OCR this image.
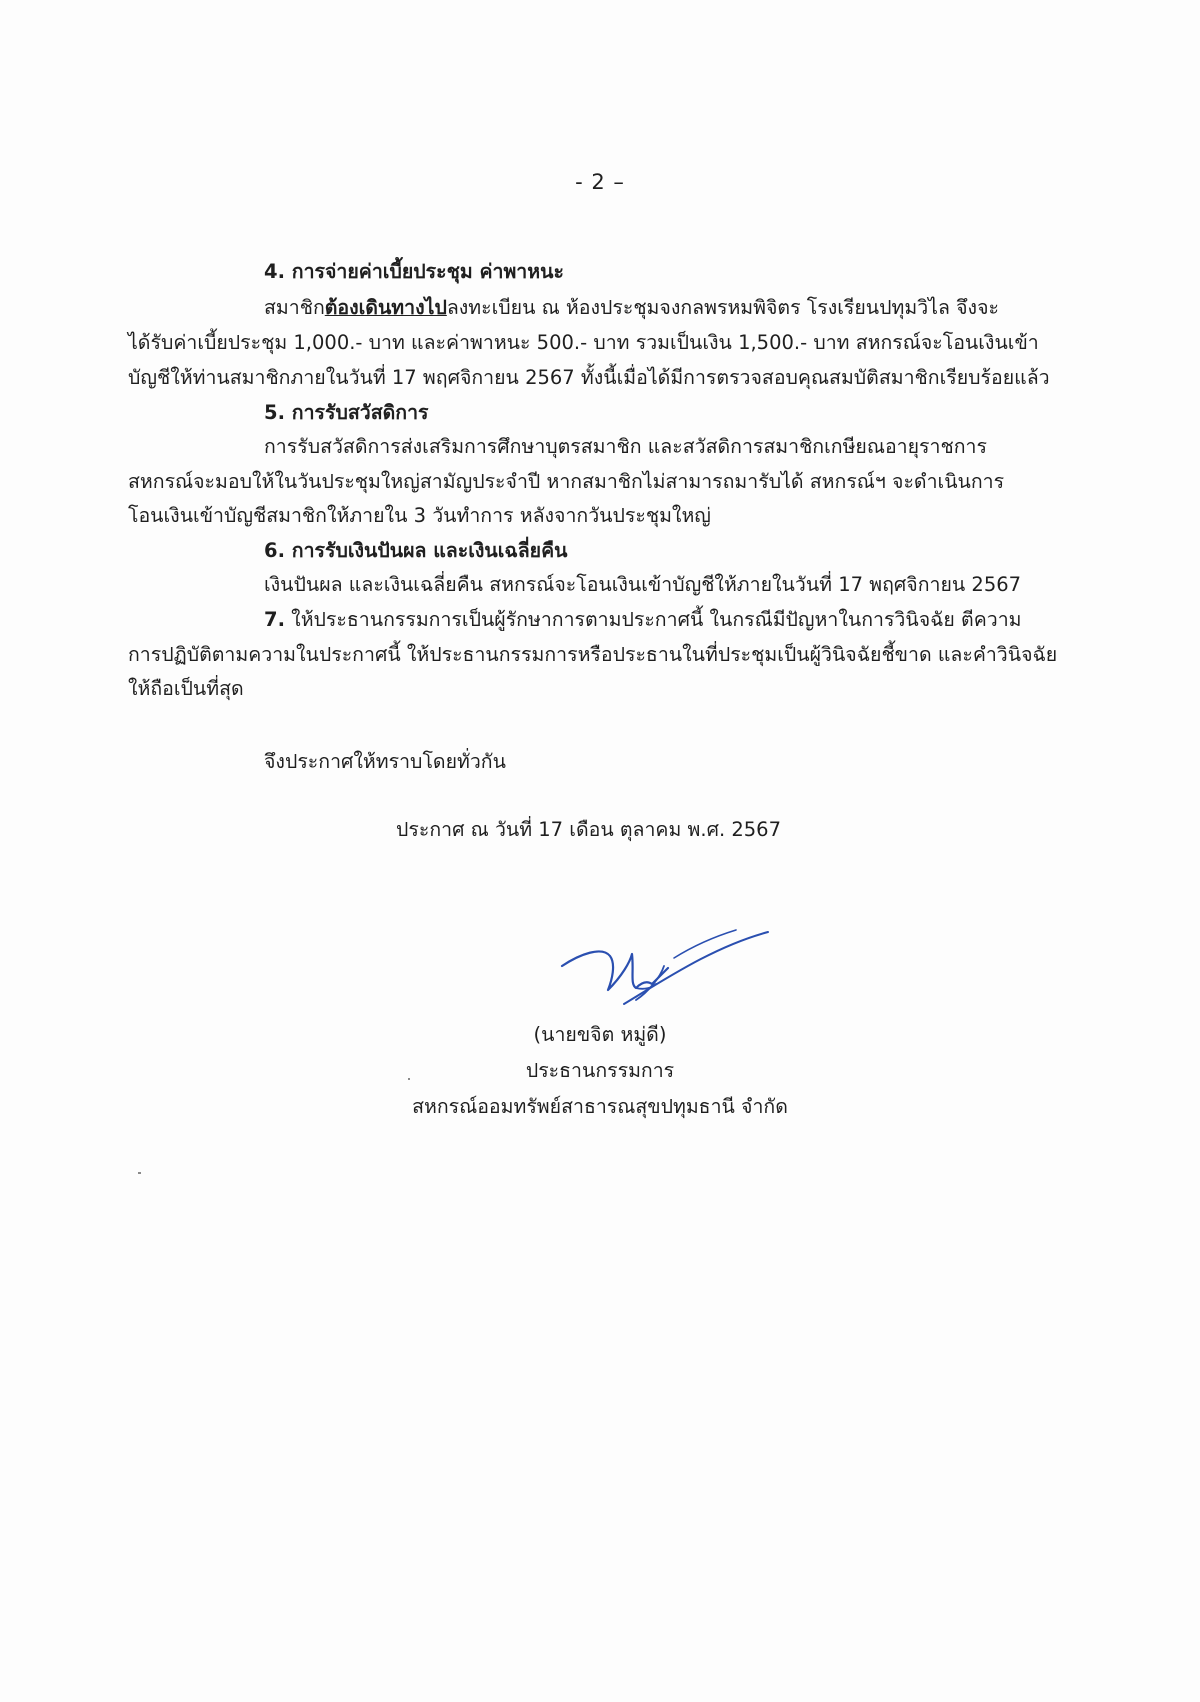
- 2 –
4. การจ่ายค่าเบี้ยประชุม ค่าพาหนะ
สมาชิกต้องเดินทางไปลงทะเบียน ณ ห้องประชุมจงกลพรหมพิจิตร โรงเรียนปทุมวิไล จึงจะ
ได้รับค่าเบี้ยประชุม 1,000.- บาท และค่าพาหนะ 500.- บาท รวมเป็นเงิน 1,500.- บาท สหกรณ์จะโอนเงินเข้า
บัญชีให้ท่านสมาชิกภายในวันที่ 17 พฤศจิกายน 2567 ทั้งนี้เมื่อได้มีการตรวจสอบคุณสมบัติสมาชิกเรียบร้อยแล้ว
5. การรับสวัสดิการ
การรับสวัสดิการส่งเสริมการศึกษาบุตรสมาชิก และสวัสดิการสมาชิกเกษียณอายุราชการ
สหกรณ์จะมอบให้ในวันประชุมใหญ่สามัญประจำปี หากสมาชิกไม่สามารถมารับได้ สหกรณ์ฯ จะดำเนินการ
โอนเงินเข้าบัญชีสมาชิกให้ภายใน 3 วันทำการ หลังจากวันประชุมใหญ่
6. การรับเงินปันผล และเงินเฉลี่ยคืน
เงินปันผล และเงินเฉลี่ยคืน สหกรณ์จะโอนเงินเข้าบัญชีให้ภายในวันที่ 17 พฤศจิกายน 2567
7. ให้ประธานกรรมการเป็นผู้รักษาการตามประกาศนี้ ในกรณีมีปัญหาในการวินิจฉัย ตีความ
การปฏิบัติตามความในประกาศนี้ ให้ประธานกรรมการหรือประธานในที่ประชุมเป็นผู้วินิจฉัยชี้ขาด และคำวินิจฉัย
ให้ถือเป็นที่สุด
จึงประกาศให้ทราบโดยทั่วกัน
ประกาศ ณ วันที่ 17 เดือน ตุลาคม พ.ศ. 2567
(นายขจิต หมู่ดี)
ประธานกรรมการ
สหกรณ์ออมทรัพย์สาธารณสุขปทุมธานี จำกัด
